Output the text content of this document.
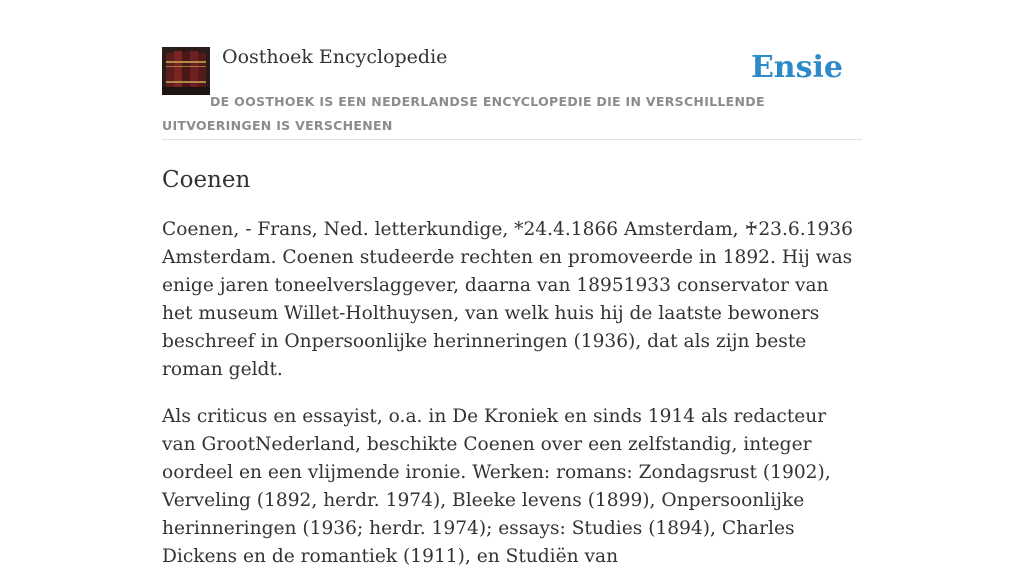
Oosthoek Encyclopedie	Ensie
DE OOSTHOEK IS EEN NEDERLANDSE ENCYCLOPEDIE DIE IN VERSCHILLENDE UITVOERINGEN IS VERSCHENEN
Coenen

Coenen, - Frans, Ned. letterkundige, *24.4.1866 Amsterdam, ♰23.6.1936 Amsterdam. Coenen studeerde rechten en promoveerde in 1892. Hij was enige jaren toneelverslaggever, daarna van 18951933 conservator van het museum Willet-Holthuysen, van welk huis hij de laatste bewoners beschreef in Onpersoonlijke herinneringen (1936), dat als zijn beste roman geldt.

Als criticus en essayist, o.a. in De Kroniek en sinds 1914 als redacteur van GrootNederland, beschikte Coenen over een zelfstandig, integer oordeel en een vlijmende ironie. Werken: romans: Zondagsrust (1902), Verveling (1892, herdr. 1974), Bleeke levens (1899), Onpersoonlijke herinneringen (1936; herdr. 1974); essays: Studies (1894), Charles Dickens en de romantiek (1911), en Studiën van
